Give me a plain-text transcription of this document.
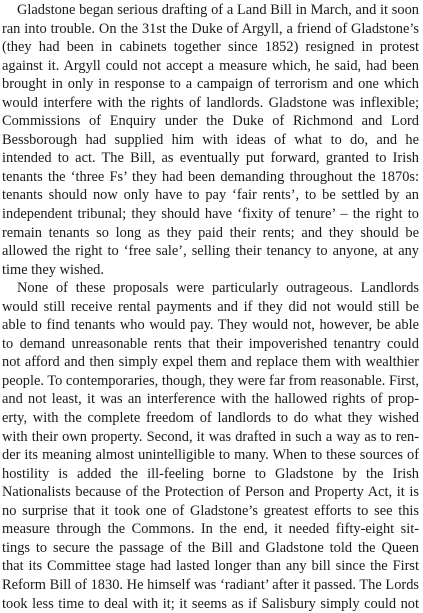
Gladstone began serious drafting of a Land Bill in March, and it soon
ran into trouble. On the 31st the Duke of Argyll, a friend of Gladstone’s
(they had been in cabinets together since 1852) resigned in protest
against it. Argyll could not accept a measure which, he said, had been
brought in only in response to a campaign of terrorism and one which
would interfere with the rights of landlords. Gladstone was inflexible;
Commissions of Enquiry under the Duke of Richmond and Lord
Bessborough had supplied him with ideas of what to do, and he
intended to act. The Bill, as eventually put forward, granted to Irish
tenants the ‘three Fs’ they had been demanding throughout the 1870s:
tenants should now only have to pay ‘fair rents’, to be settled by an
independent tribunal; they should have ‘fixity of tenure’ – the right to
remain tenants so long as they paid their rents; and they should be
allowed the right to ‘free sale’, selling their tenancy to anyone, at any
time they wished.
None of these proposals were particularly outrageous. Landlords
would still receive rental payments and if they did not would still be
able to find tenants who would pay. They would not, however, be able
to demand unreasonable rents that their impoverished tenantry could
not afford and then simply expel them and replace them with wealthier
people. To contemporaries, though, they were far from reasonable. First,
and not least, it was an interference with the hallowed rights of prop-
erty, with the complete freedom of landlords to do what they wished
with their own property. Second, it was drafted in such a way as to ren-
der its meaning almost unintelligible to many. When to these sources of
hostility is added the ill-feeling borne to Gladstone by the Irish
Nationalists because of the Protection of Person and Property Act, it is
no surprise that it took one of Gladstone’s greatest efforts to see this
measure through the Commons. In the end, it needed fifty-eight sit-
tings to secure the passage of the Bill and Gladstone told the Queen
that its Committee stage had lasted longer than any bill since the First
Reform Bill of 1830. He himself was ‘radiant’ after it passed. The Lords
took less time to deal with it; it seems as if Salisbury simply could not
